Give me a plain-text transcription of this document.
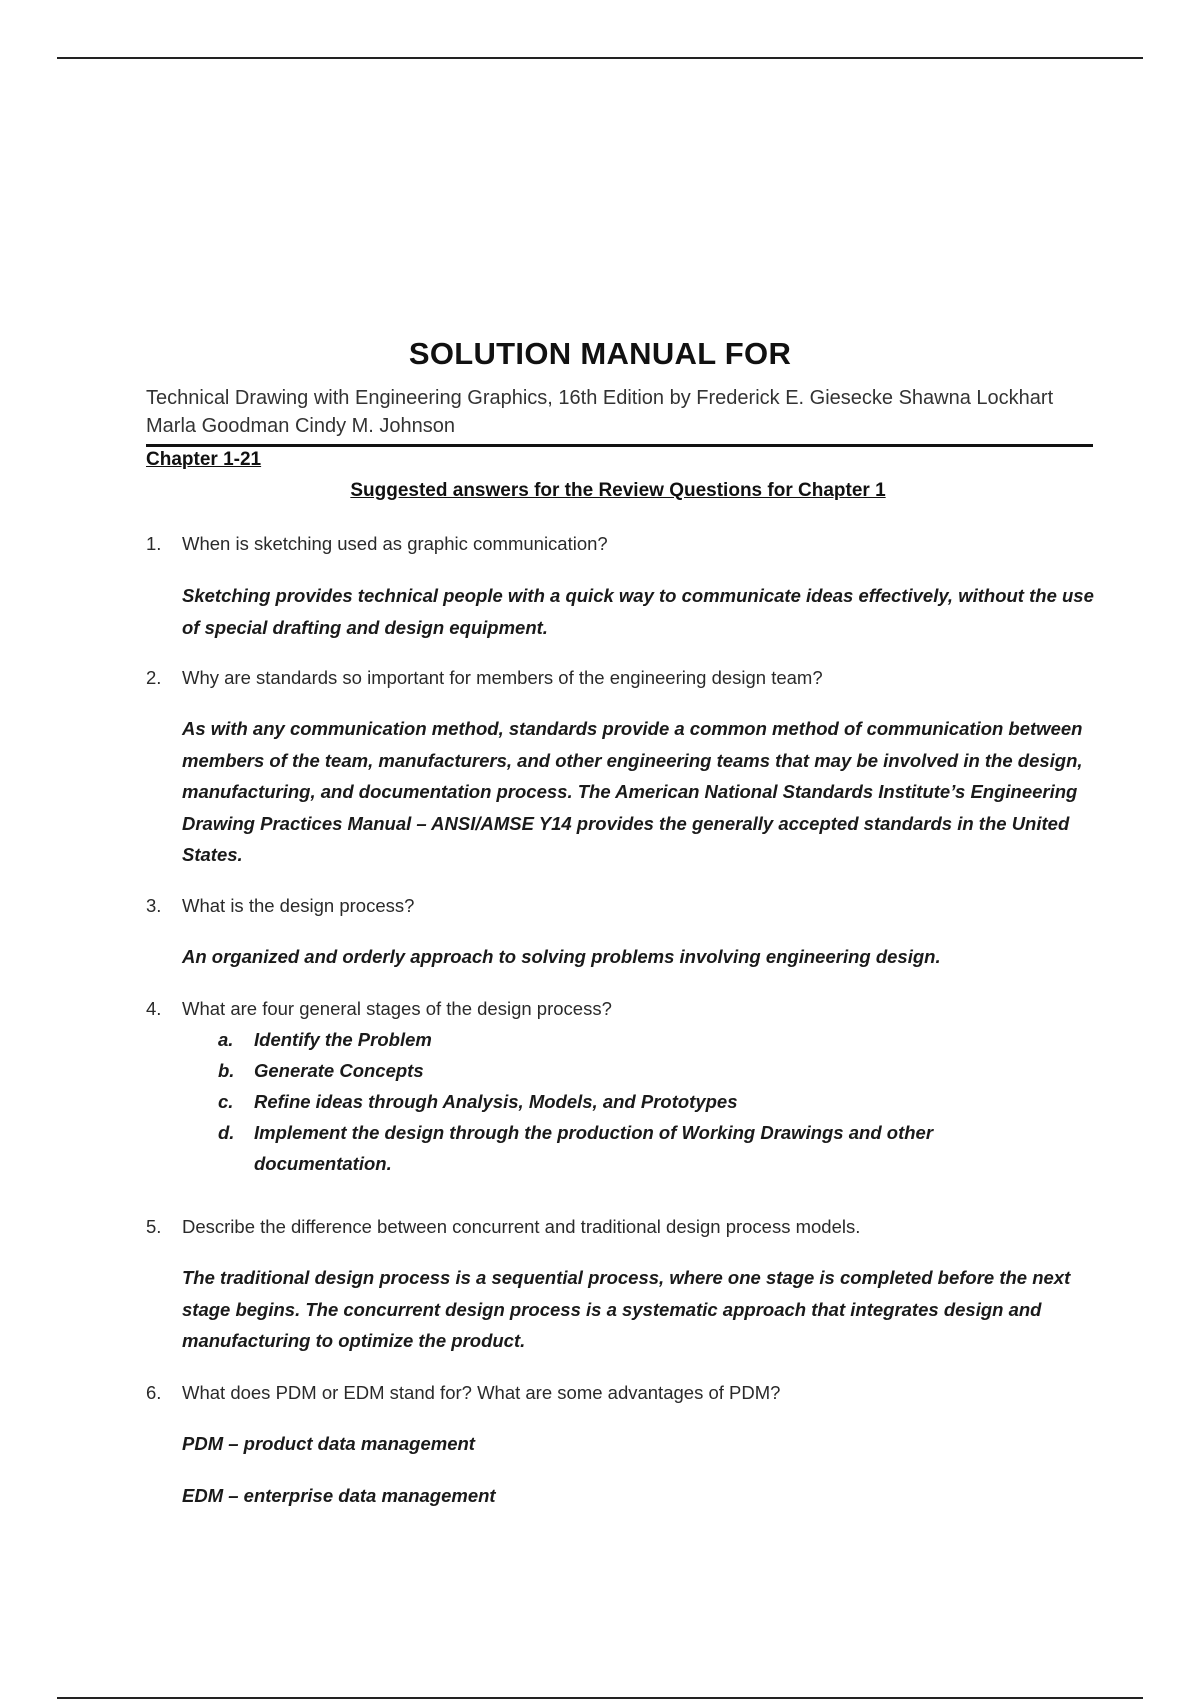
SOLUTION MANUAL FOR
Technical Drawing with Engineering Graphics, 16th Edition by Frederick E. Giesecke Shawna Lockhart Marla Goodman Cindy M. Johnson
Chapter 1-21
Suggested answers for the Review Questions for Chapter 1
1. When is sketching used as graphic communication?
Sketching provides technical people with a quick way to communicate ideas effectively, without the use of special drafting and design equipment.
2. Why are standards so important for members of the engineering design team?
As with any communication method, standards provide a common method of communication between members of the team, manufacturers, and other engineering teams that may be involved in the design, manufacturing, and documentation process. The American National Standards Institute’s Engineering Drawing Practices Manual – ANSI/AMSE Y14 provides the generally accepted standards in the United States.
3. What is the design process?
An organized and orderly approach to solving problems involving engineering design.
4. What are four general stages of the design process?
a.	Identify the Problem
b.	Generate Concepts
c.	Refine ideas through Analysis, Models, and Prototypes
d.	Implement the design through the production of Working Drawings and other documentation.
5. Describe the difference between concurrent and traditional design process models.
The traditional design process is a sequential process, where one stage is completed before the next stage begins. The concurrent design process is a systematic approach that integrates design and manufacturing to optimize the product.
6. What does PDM or EDM stand for? What are some advantages of PDM?
PDM – product data management
EDM – enterprise data management
